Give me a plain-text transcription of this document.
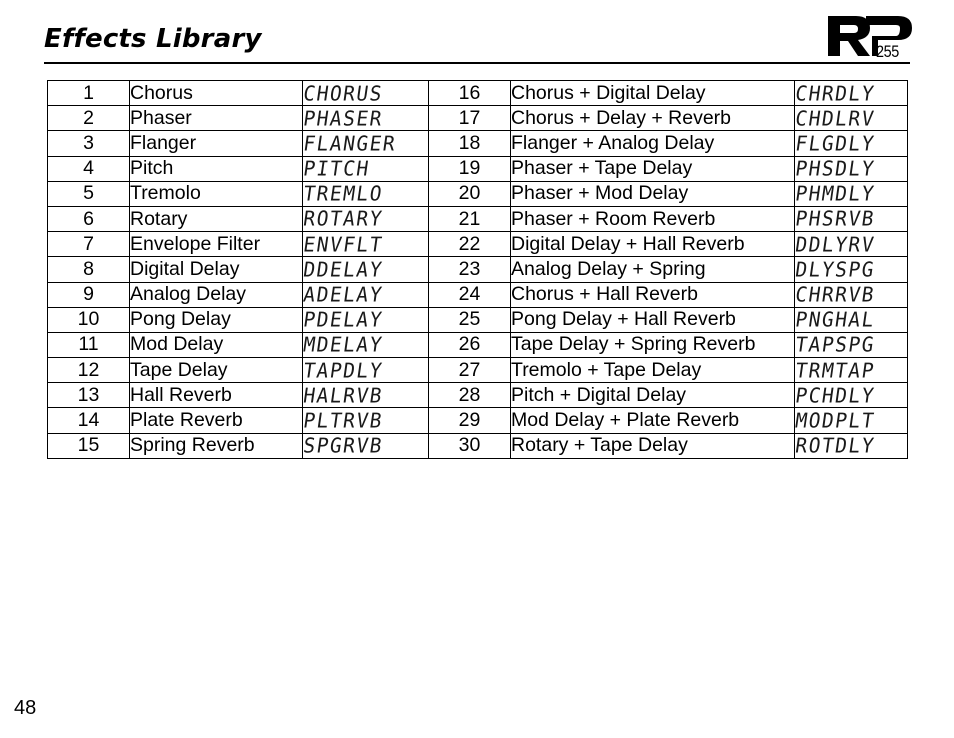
Effects Library	255
1	Chorus	CHORUS	16	Chorus + Digital Delay	CHRDLY
2	Phaser	PHASER	17	Chorus + Delay + Reverb	CHDLRV
3	Flanger	FLANGER	18	Flanger + Analog Delay	FLGDLY
4	Pitch	PITCH	19	Phaser + Tape Delay	PHSDLY
5	Tremolo	TREMLO	20	Phaser + Mod Delay	PHMDLY
6	Rotary	ROTARY	21	Phaser + Room Reverb	PHSRVB
7	Envelope Filter	ENVFLT	22	Digital Delay + Hall Reverb	DDLYRV
8	Digital Delay	DDELAY	23	Analog Delay + Spring	DLYSPG
9	Analog Delay	ADELAY	24	Chorus + Hall Reverb	CHRRVB
10	Pong Delay	PDELAY	25	Pong Delay + Hall Reverb	PNGHAL
11	Mod Delay	MDELAY	26	Tape Delay + Spring Reverb	TAPSPG
12	Tape Delay	TAPDLY	27	Tremolo + Tape Delay	TRMTAP
13	Hall Reverb	HALRVB	28	Pitch + Digital Delay	PCHDLY
14	Plate Reverb	PLTRVB	29	Mod Delay + Plate Reverb	MODPLT
15	Spring Reverb	SPGRVB	30	Rotary + Tape Delay	ROTDLY
48
